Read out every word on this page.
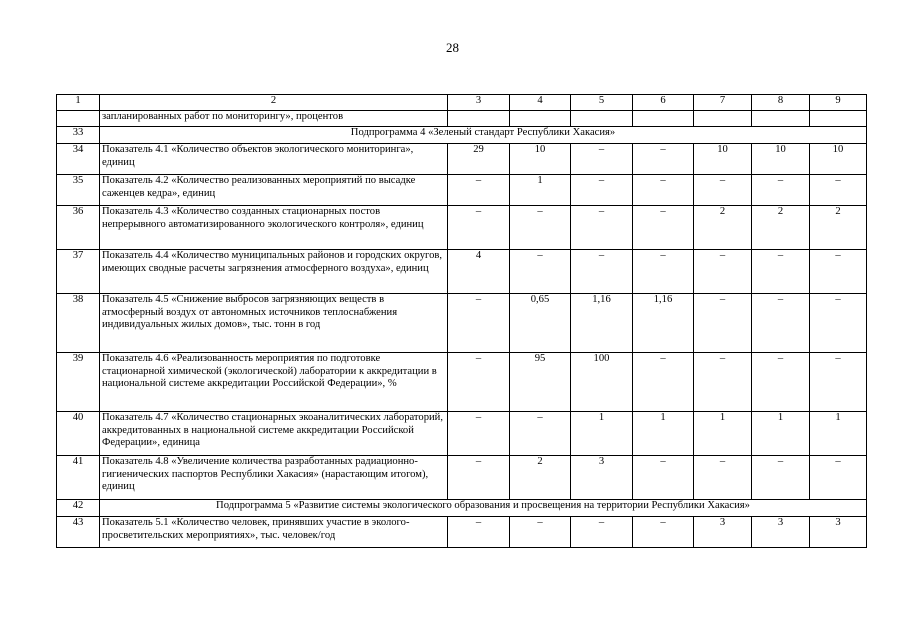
28
1	2	3	4	5	6	7	8	9
	запланированных работ по мониторингу», процентов							
33	Подпрограмма 4 «Зеленый стандарт Республики Хакасия»							
34	Показатель 4.1 «Количество объектов экологического мониторинга», единиц	29	10	–	–	10	10	10
35	Показатель 4.2 «Количество реализованных мероприятий по высадке саженцев кедра», единиц	–	1	–	–	–	–	–
36	Показатель 4.3 «Количество созданных стационарных постов непрерывного автоматизированного экологического контроля», единиц	–	–	–	–	2	2	2
37	Показатель 4.4 «Количество муниципальных районов и городских округов, имеющих сводные расчеты загрязнения атмосферного воздуха», единиц	4	–	–	–	–	–	–
38	Показатель 4.5 «Снижение выбросов загрязняющих веществ в атмосферный воздух от автономных источников теплоснабжения индивидуальных жилых домов», тыс. тонн в год	–	0,65	1,16	1,16	–	–	–
39	Показатель 4.6 «Реализованность мероприятия по подготовке стационарной химической (экологической) лаборатории к аккредитации в национальной системе аккредитации Российской Федерации», %	–	95	100	–	–	–	–
40	Показатель 4.7 «Количество стационарных экоаналитических лабораторий, аккредитованных в национальной системе аккредитации Российской Федерации», единица	–	–	1	1	1	1	1
41	Показатель 4.8 «Увеличение количества разработанных радиационно-гигиенических паспортов Республики Хакасия» (нарастающим итогом), единиц	–	2	3	–	–	–	–
42	Подпрограмма 5 «Развитие системы экологического образования и просвещения на территории Республики Хакасия»							
43	Показатель 5.1 «Количество человек, принявших участие в эколого-просветительских мероприятиях», тыс. человек/год	–	–	–	–	3	3	3
